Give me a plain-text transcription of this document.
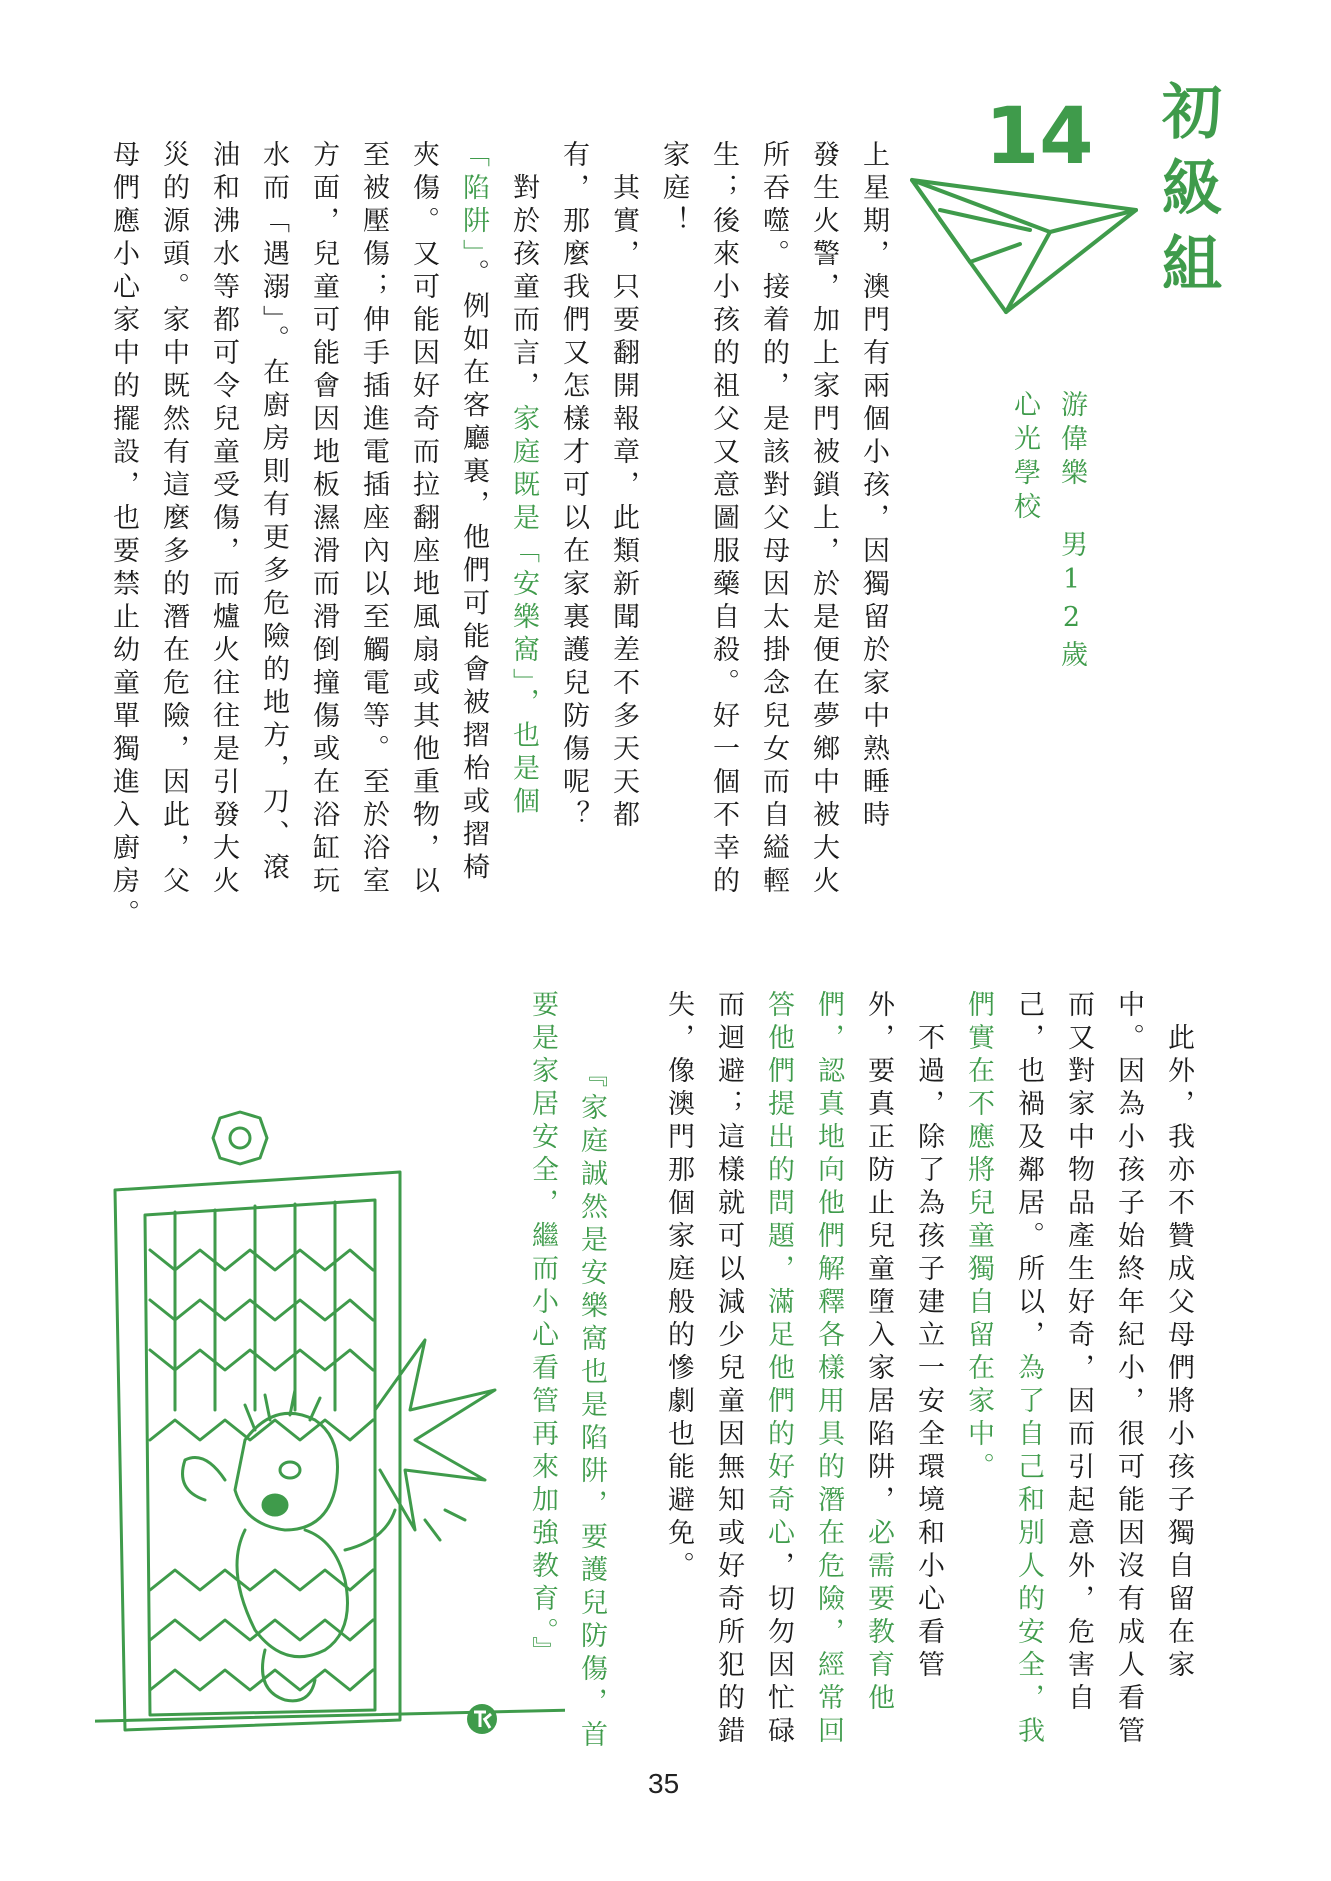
初級組
14
游偉樂 男12歲
心光學校
上星期，澳門有兩個小孩，因獨留於家中熟睡時
發生火警，加上家門被鎖上，於是便在夢鄉中被大火
所吞噬。接着的，是該對父母因太掛念兒女而自縊輕
生；後來小孩的祖父又意圖服藥自殺。好一個不幸的
家庭！
　其實，只要翻開報章，此類新聞差不多天天都
有，那麼我們又怎樣才可以在家裏護兒防傷呢？
　對於孩童而言，家庭既是「安樂窩」，也是個
「陷阱」。例如在客廳裏，他們可能會被摺枱或摺椅
夾傷。又可能因好奇而拉翻座地風扇或其他重物，以
至被壓傷；伸手插進電插座內以至觸電等。至於浴室
方面，兒童可能會因地板濕滑而滑倒撞傷或在浴缸玩
水而「遇溺」。在廚房則有更多危險的地方，刀、滾
油和沸水等都可令兒童受傷，而爐火往往是引發大火
災的源頭。家中既然有這麼多的潛在危險，因此，父
母們應小心家中的擺設，也要禁止幼童單獨進入廚房。
　此外，我亦不贊成父母們將小孩子獨自留在家
中。因為小孩子始終年紀小，很可能因沒有成人看管
而又對家中物品產生好奇，因而引起意外，危害自
己，也禍及鄰居。所以，為了自己和別人的安全，我
們實在不應將兒童獨自留在家中。
　不過，除了為孩子建立一安全環境和小心看管
外，要真正防止兒童墮入家居陷阱，必需要教育他
們，認真地向他們解釋各樣用具的潛在危險，經常回
答他們提出的問題，滿足他們的好奇心，切勿因忙碌
而迴避；這樣就可以減少兒童因無知或好奇所犯的錯
失，像澳門那個家庭般的慘劇也能避免。
『家庭誠然是安樂窩也是陷阱，要護兒防傷，首
要是家居安全，繼而小心看管再來加強教育。』
35
